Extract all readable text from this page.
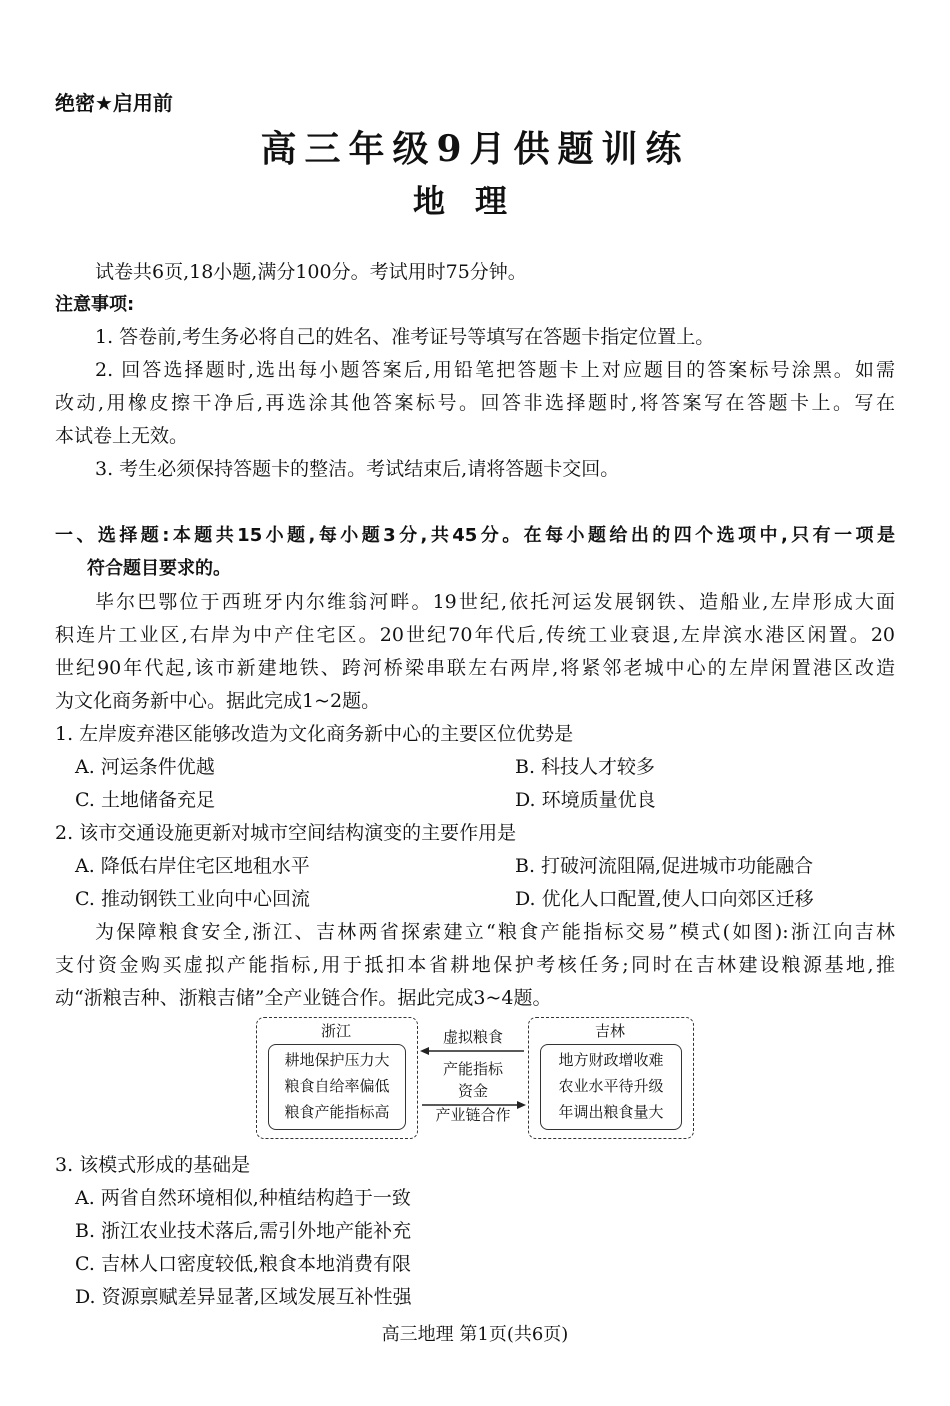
绝密★启用前
高三年级9月供题训练
地理
试卷共6页,18小题,满分100分。考试用时75分钟。
注意事项:
1. 答卷前,考生务必将自己的姓名、准考证号等填写在答题卡指定位置上。
2. 回答选择题时,选出每小题答案后,用铅笔把答题卡上对应题目的答案标号涂黑。如需
改动,用橡皮擦干净后,再选涂其他答案标号。回答非选择题时,将答案写在答题卡上。写在
本试卷上无效。
3. 考生必须保持答题卡的整洁。考试结束后,请将答题卡交回。
一、选择题:本题共15小题,每小题3分,共45分。在每小题给出的四个选项中,只有一项是
符合题目要求的。
毕尔巴鄂位于西班牙内尔维翁河畔。19世纪,依托河运发展钢铁、造船业,左岸形成大面
积连片工业区,右岸为中产住宅区。20世纪70年代后,传统工业衰退,左岸滨水港区闲置。20
世纪90年代起,该市新建地铁、跨河桥梁串联左右两岸,将紧邻老城中心的左岸闲置港区改造
为文化商务新中心。据此完成1~2题。
1. 左岸废弃港区能够改造为文化商务新中心的主要区位优势是
A. 河运条件优越	B. 科技人才较多
C. 土地储备充足	D. 环境质量优良
2. 该市交通设施更新对城市空间结构演变的主要作用是
A. 降低右岸住宅区地租水平	B. 打破河流阻隔,促进城市功能融合
C. 推动钢铁工业向中心回流	D. 优化人口配置,使人口向郊区迁移
为保障粮食安全,浙江、吉林两省探索建立“粮食产能指标交易”模式(如图):浙江向吉林
支付资金购买虚拟产能指标,用于抵扣本省耕地保护考核任务;同时在吉林建设粮源基地,推
动“浙粮吉种、浙粮吉储”全产业链合作。据此完成3~4题。
浙江
耕地保护压力大
粮食自给率偏低
粮食产能指标高
吉林
地方财政增收难
农业水平待升级
年调出粮食量大
虚拟粮食
产能指标
资金
产业链合作
3. 该模式形成的基础是
A. 两省自然环境相似,种植结构趋于一致
B. 浙江农业技术落后,需引外地产能补充
C. 吉林人口密度较低,粮食本地消费有限
D. 资源禀赋差异显著,区域发展互补性强
高三地理 第1页(共6页)
